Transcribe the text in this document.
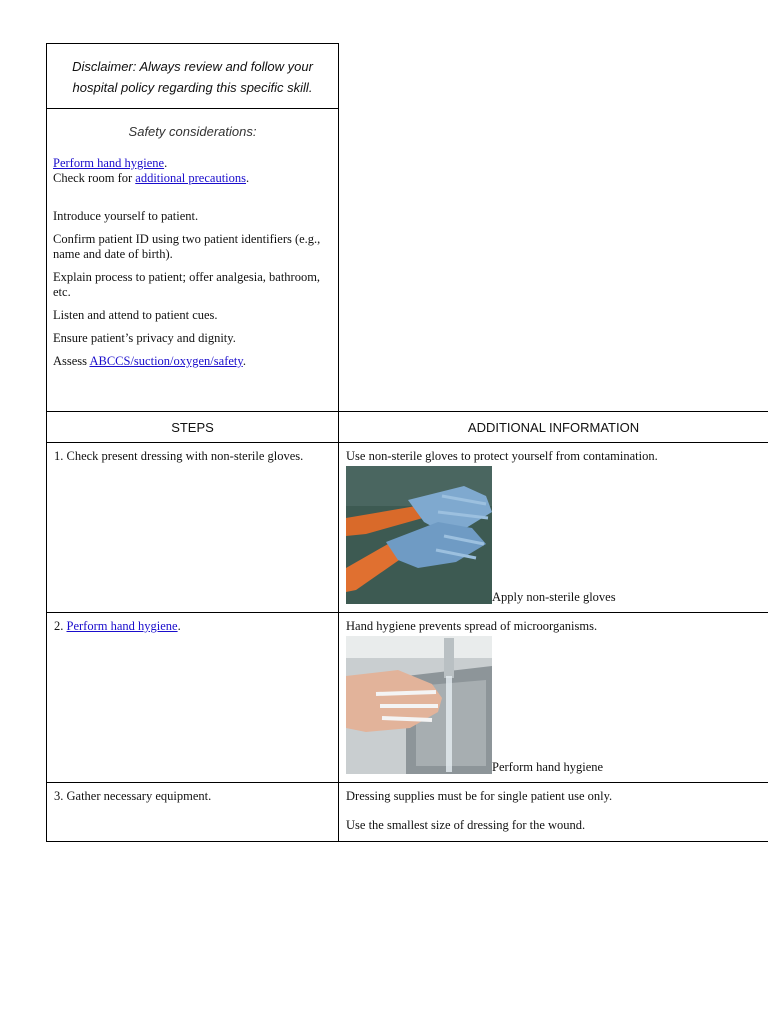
Disclaimer: Always review and follow your hospital policy regarding this specific skill.
Safety considerations:
Perform hand hygiene.
Check room for additional precautions.
Introduce yourself to patient.
Confirm patient ID using two patient identifiers (e.g., name and date of birth).
Explain process to patient; offer analgesia, bathroom, etc.
Listen and attend to patient cues.
Ensure patient’s privacy and dignity.
Assess ABCCS/suction/oxygen/safety.
STEPS	ADDITIONAL INFORMATION
1. Check present dressing with non-sterile gloves.	Use non-sterile gloves to protect yourself from contamination.
Apply non-sterile gloves

2. Perform hand hygiene.	Hand hygiene prevents spread of microorganisms.
Perform hand hygiene

3. Gather necessary equipment.	Dressing supplies must be for single patient use only.
Use the smallest size of dressing for the wound.
